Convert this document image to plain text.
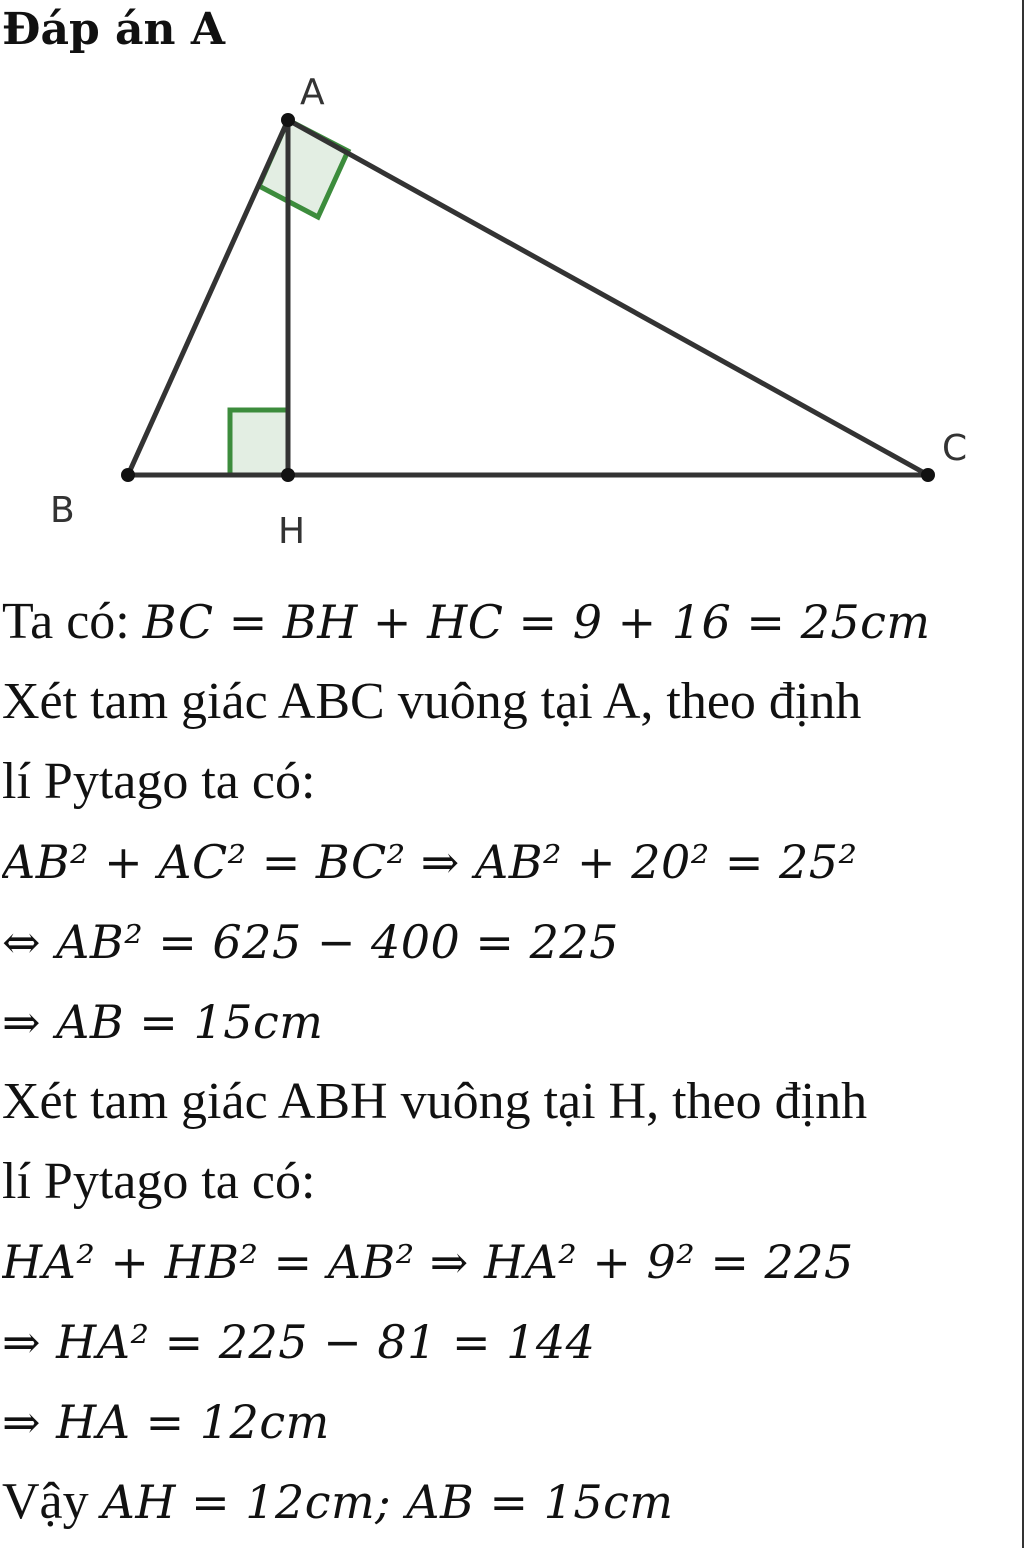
Đáp án A
A
B
C
H
Ta có: BC = BH + HC = 9 + 16 = 25cm
Xét tam giác ABC vuông tại A, theo định
lí Pytago ta có:
AB² + AC² = BC² ⇒ AB² + 20² = 25²
⇔ AB² = 625 − 400 = 225
⇒ AB = 15cm
Xét tam giác ABH vuông tại H, theo định
lí Pytago ta có:
HA² + HB² = AB² ⇒ HA² + 9² = 225
⇒ HA² = 225 − 81 = 144
⇒ HA = 12cm
Vậy AH = 12cm; AB = 15cm
